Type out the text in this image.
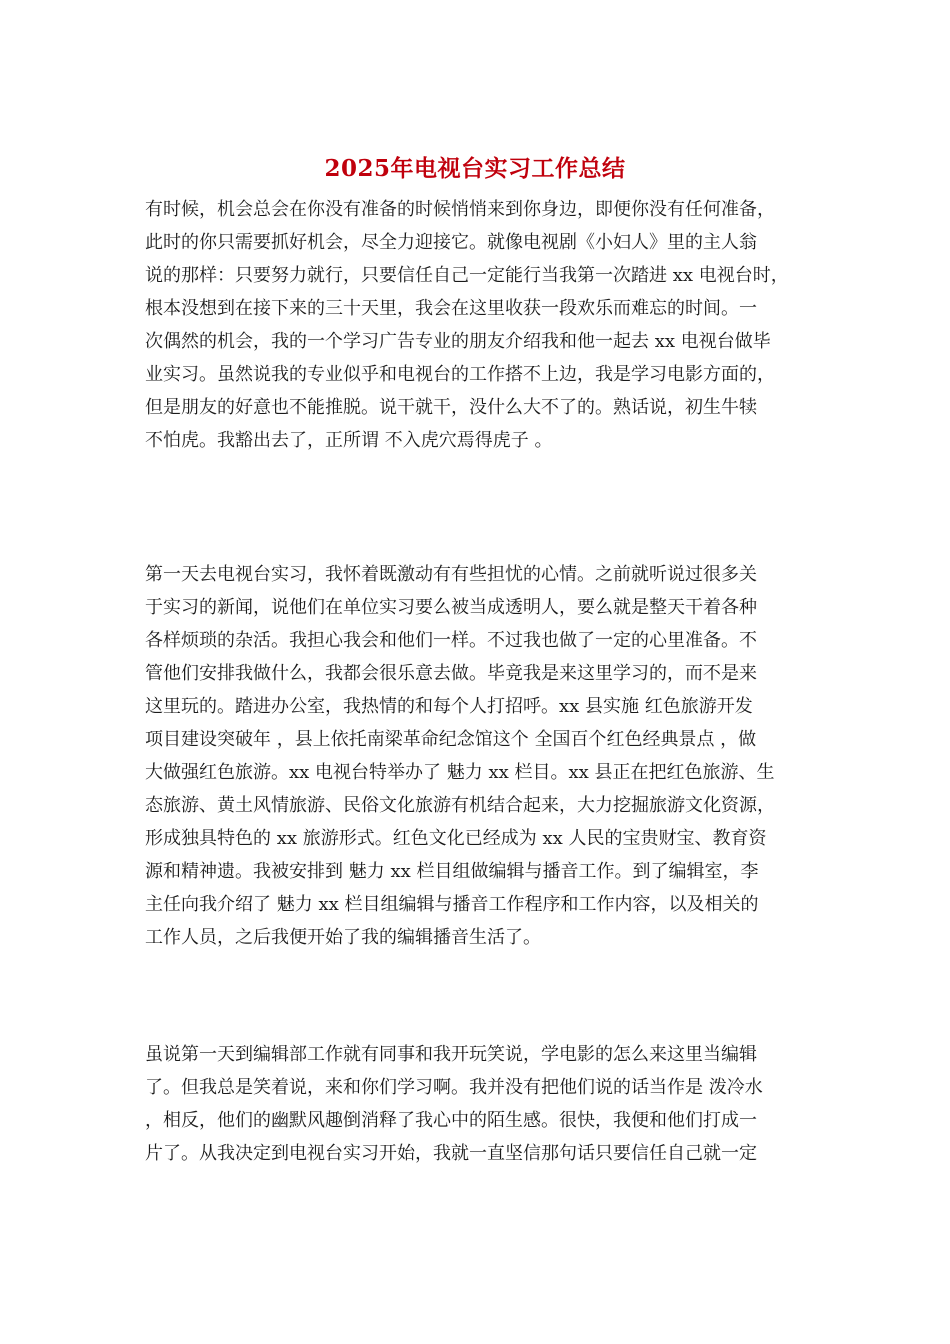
2025年电视台实习工作总结
有时候，机会总会在你没有准备的时候悄悄来到你身边，即便你没有任何准备，
此时的你只需要抓好机会，尽全力迎接它。就像电视剧《小妇人》里的主人翁
说的那样：只要努力就行，只要信任自己一定能行当我第一次踏进 xx 电视台时，
根本没想到在接下来的三十天里，我会在这里收获一段欢乐而难忘的时间。一
次偶然的机会，我的一个学习广告专业的朋友介绍我和他一起去 xx 电视台做毕
业实习。虽然说我的专业似乎和电视台的工作搭不上边，我是学习电影方面的，
但是朋友的好意也不能推脱。说干就干，没什么大不了的。熟话说，初生牛犊
不怕虎。我豁出去了，正所谓 不入虎穴焉得虎子 。
第一天去电视台实习，我怀着既激动有有些担忧的心情。之前就听说过很多关
于实习的新闻，说他们在单位实习要么被当成透明人，要么就是整天干着各种
各样烦琐的杂活。我担心我会和他们一样。不过我也做了一定的心里准备。不
管他们安排我做什么，我都会很乐意去做。毕竟我是来这里学习的，而不是来
这里玩的。踏进办公室，我热情的和每个人打招呼。xx 县实施 红色旅游开发
项目建设突破年 ，县上依托南梁革命纪念馆这个 全国百个红色经典景点 ，做
大做强红色旅游。xx 电视台特举办了 魅力 xx 栏目。xx 县正在把红色旅游、生
态旅游、黄土风情旅游、民俗文化旅游有机结合起来，大力挖掘旅游文化资源，
形成独具特色的 xx 旅游形式。红色文化已经成为 xx 人民的宝贵财宝、教育资
源和精神遗。我被安排到 魅力 xx 栏目组做编辑与播音工作。到了编辑室，李
主任向我介绍了 魅力 xx 栏目组编辑与播音工作程序和工作内容，以及相关的
工作人员，之后我便开始了我的编辑播音生活了。
虽说第一天到编辑部工作就有同事和我开玩笑说，学电影的怎么来这里当编辑
了。但我总是笑着说，来和你们学习啊。我并没有把他们说的话当作是 泼冷水
，相反，他们的幽默风趣倒消释了我心中的陌生感。很快，我便和他们打成一
片了。从我决定到电视台实习开始，我就一直坚信那句话只要信任自己就一定
